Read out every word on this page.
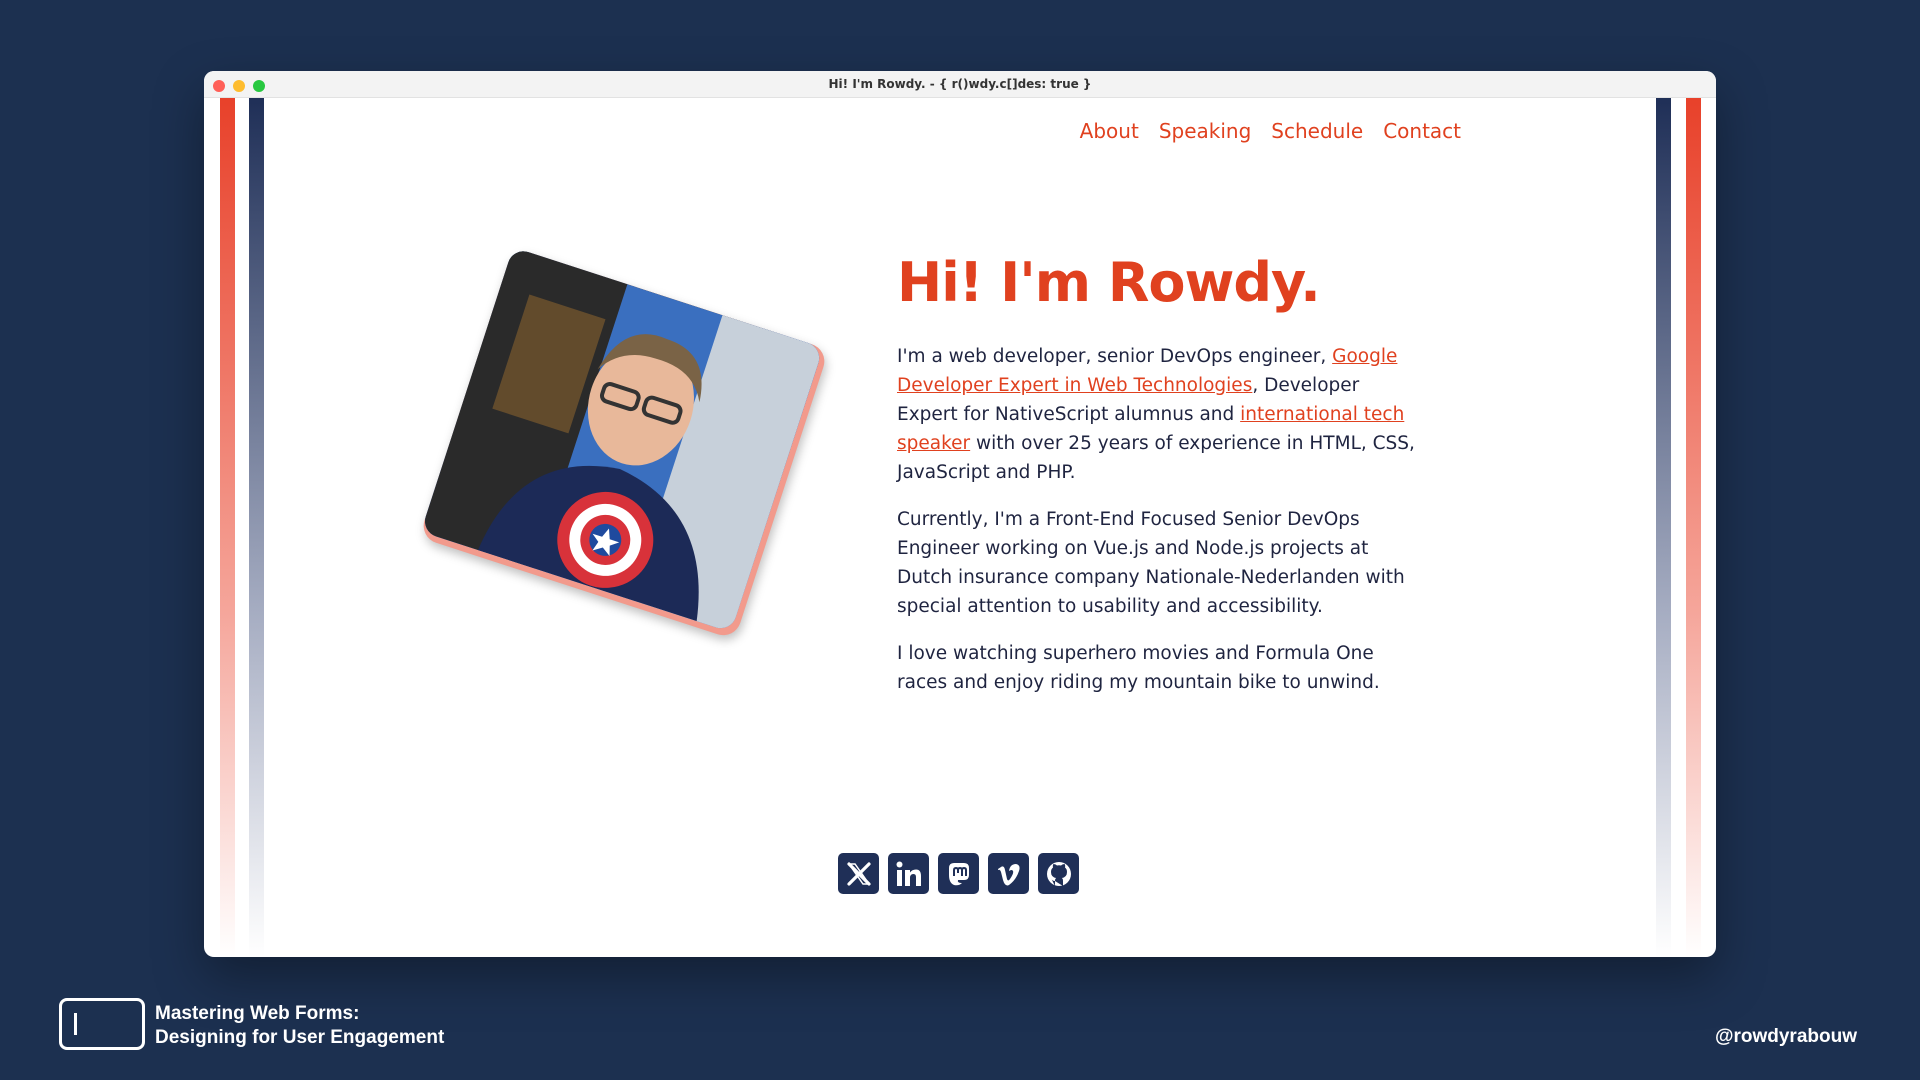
Hi! I'm Rowdy. - { r()wdy.c[]des: true }
About Speaking Schedule Contact
Hi! I'm Rowdy.

I'm a web developer, senior DevOps engineer, Google Developer Expert in Web Technologies, Developer Expert for NativeScript alumnus and international tech speaker with over 25 years of experience in HTML, CSS, JavaScript and PHP.

Currently, I'm a Front-End Focused Senior DevOps Engineer working on Vue.js and Node.js projects at Dutch insurance company Nationale-Nederlanden with special attention to usability and accessibility.

I love watching superhero movies and Formula One races and enjoy riding my mountain bike to unwind.

Mastering Web Forms:
Designing for User Engagement	@rowdyrabouw
